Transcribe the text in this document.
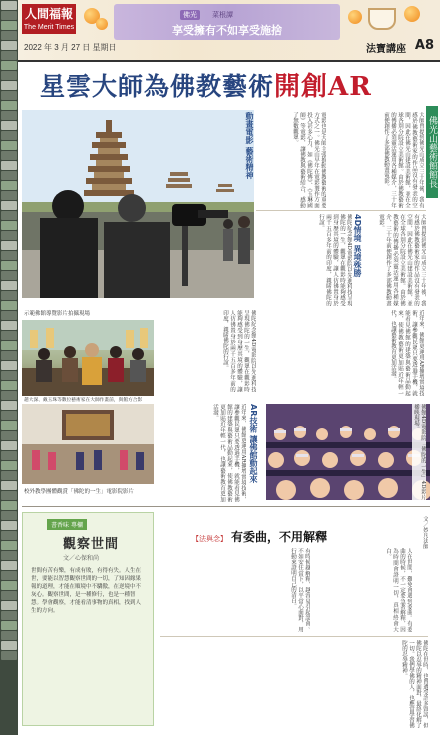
人間福報
The Merit Times
佛光	菜根譚
享受擁有不如享受施捨
2022 年 3 月 27 日 星期日	法寶講座 A8
星雲大師為佛教藝術開創AR
佛光山藝術館館長
動畫電影 藝術精神	電影也是大師主張推動佛教藝術的重要方式之一。佛光山早年在電影製作方面投入甚多心力，如《佛陀傳》、《玉琳國師》等電影，讓佛教與藝術結合，感動了無數觀眾。	大師曾提到佛光山成立三十年後，我有感於佛教藝術家的作品沒有發表的空間，因此在佛光山建設美術館，並在全球各別分院設立美術館。由於佛教藝術的傳播必須靈活運用各種媒介，三十年前便創作了多部佛教動畫電影。
佛陀紀念館4D電影院以先進科技呈現佛陀的一生，觀眾在觀影時能夠感受到身歷其境的體驗，讓人彷彿置身於兩千五百多年前的印度，親睹佛陀的行誼。	4D情境 異境殊勝	大師曾提到佛光山成立三十年後，我有感於佛教藝術家的作品沒有發表的空間，因此在佛光山建設美術館，並在全球各別分院設立美術館。由於佛教藝術的傳播必須靈活運用各種媒介，三十年前便創作了多部佛教動畫電影。
示範佛館導覽影片拍攝現場	佛陀紀念館4D電影院以先進科技呈現佛陀的一生，觀眾在觀影時能夠感受到身歷其境的體驗，讓人彷彿置身於兩千五百多年前的印度，親睹佛陀的行誼。	近年來，佛館更運用AR擴增實境技術，讓參觀民眾只要透過手機，就能看見佛館的建築與藝術品動起來，使佛教藝術更加貼近年輕一代，也讓藝術教育更加活潑。
趙大深、戴玉珠等數位藝術家在大師作畫前，與館方合影
校外教學團體觀賞「佛陀的一生」電影院影片
AR技術 讓佛館動起來
近年來，佛館更運用AR擴增實境技術，讓參觀民眾只要透過手機，就能看見佛館的建築與藝術品動起來，使佛教藝術更加貼近年輕一代，也讓藝術教育更加活潑。	佛館4D電影院「佛陀的一生」4D影片播映現場。
書香味 專欄
觀察世間
文／心保和尚
世間有苦有樂，有成有敗，有得有失。人生在世，要能以智慧觀察世間的一切，了知因緣果報的道理，才能在順境中不驕傲，在逆境中不灰心。觀察世間，是一種修行，也是一種智慧。學會觀察，才能看清事物的真相，找到人生的方向。
【法與念】 有委曲，不用解釋	文／妙凡法師
人在世間，難免會遇到委曲。有委曲的時候，不一定要急著解釋，因為時間會證明一切，真相終會大白。
有時候越解釋，越容易引起誤會。不如安住當下，以平常心面對，用行動來證明自己的清白。
佛陀在世時，也曾遭受許多毀謗，但佛陀以忍辱的精神面對，最終化解了一切。我們學佛的人，也應當學習佛陀的忍辱精神。
